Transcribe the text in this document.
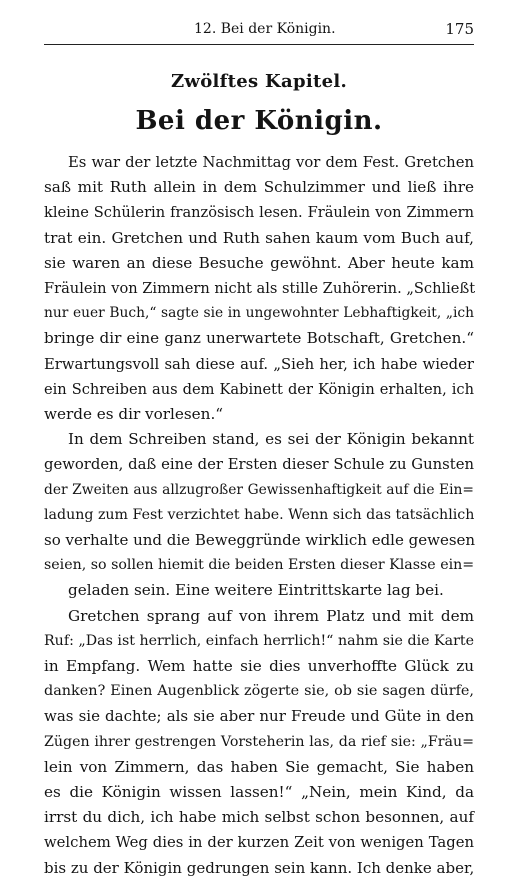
12. Bei der Königin.	175
Zwölftes Kapitel.
Bei der Königin.

Es war der letzte Nachmittag vor dem Fest. Gretchen
saß mit Ruth allein in dem Schulzimmer und ließ ihre
kleine Schülerin französisch lesen. Fräulein von Zimmern
trat ein. Gretchen und Ruth sahen kaum vom Buch auf,
sie waren an diese Besuche gewöhnt. Aber heute kam
Fräulein von Zimmern nicht als stille Zuhörerin. „Schließt
nur euer Buch,“ sagte sie in ungewohnter Lebhaftigkeit, „ich
bringe dir eine ganz unerwartete Botschaft, Gretchen.“
Erwartungsvoll sah diese auf. „Sieh her, ich habe wieder
ein Schreiben aus dem Kabinett der Königin erhalten, ich
werde es dir vorlesen.“

In dem Schreiben stand, es sei der Königin bekannt
geworden, daß eine der Ersten dieser Schule zu Gunsten
der Zweiten aus allzugroßer Gewissenhaftigkeit auf die Ein=
ladung zum Fest verzichtet habe. Wenn sich das tatsächlich
so verhalte und die Beweggründe wirklich edle gewesen
seien, so sollen hiemit die beiden Ersten dieser Klasse ein=
geladen sein. Eine weitere Eintrittskarte lag bei.

Gretchen sprang auf von ihrem Platz und mit dem
Ruf: „Das ist herrlich, einfach herrlich!“ nahm sie die Karte
in Empfang. Wem hatte sie dies unverhoffte Glück zu
danken? Einen Augenblick zögerte sie, ob sie sagen dürfe,
was sie dachte; als sie aber nur Freude und Güte in den
Zügen ihrer gestrengen Vorsteherin las, da rief sie: „Fräu=
lein von Zimmern, das haben Sie gemacht, Sie haben
es die Königin wissen lassen!“ „Nein, mein Kind, da
irrst du dich, ich habe mich selbst schon besonnen, auf
welchem Weg dies in der kurzen Zeit von wenigen Tagen
bis zu der Königin gedrungen sein kann. Ich denke aber,
